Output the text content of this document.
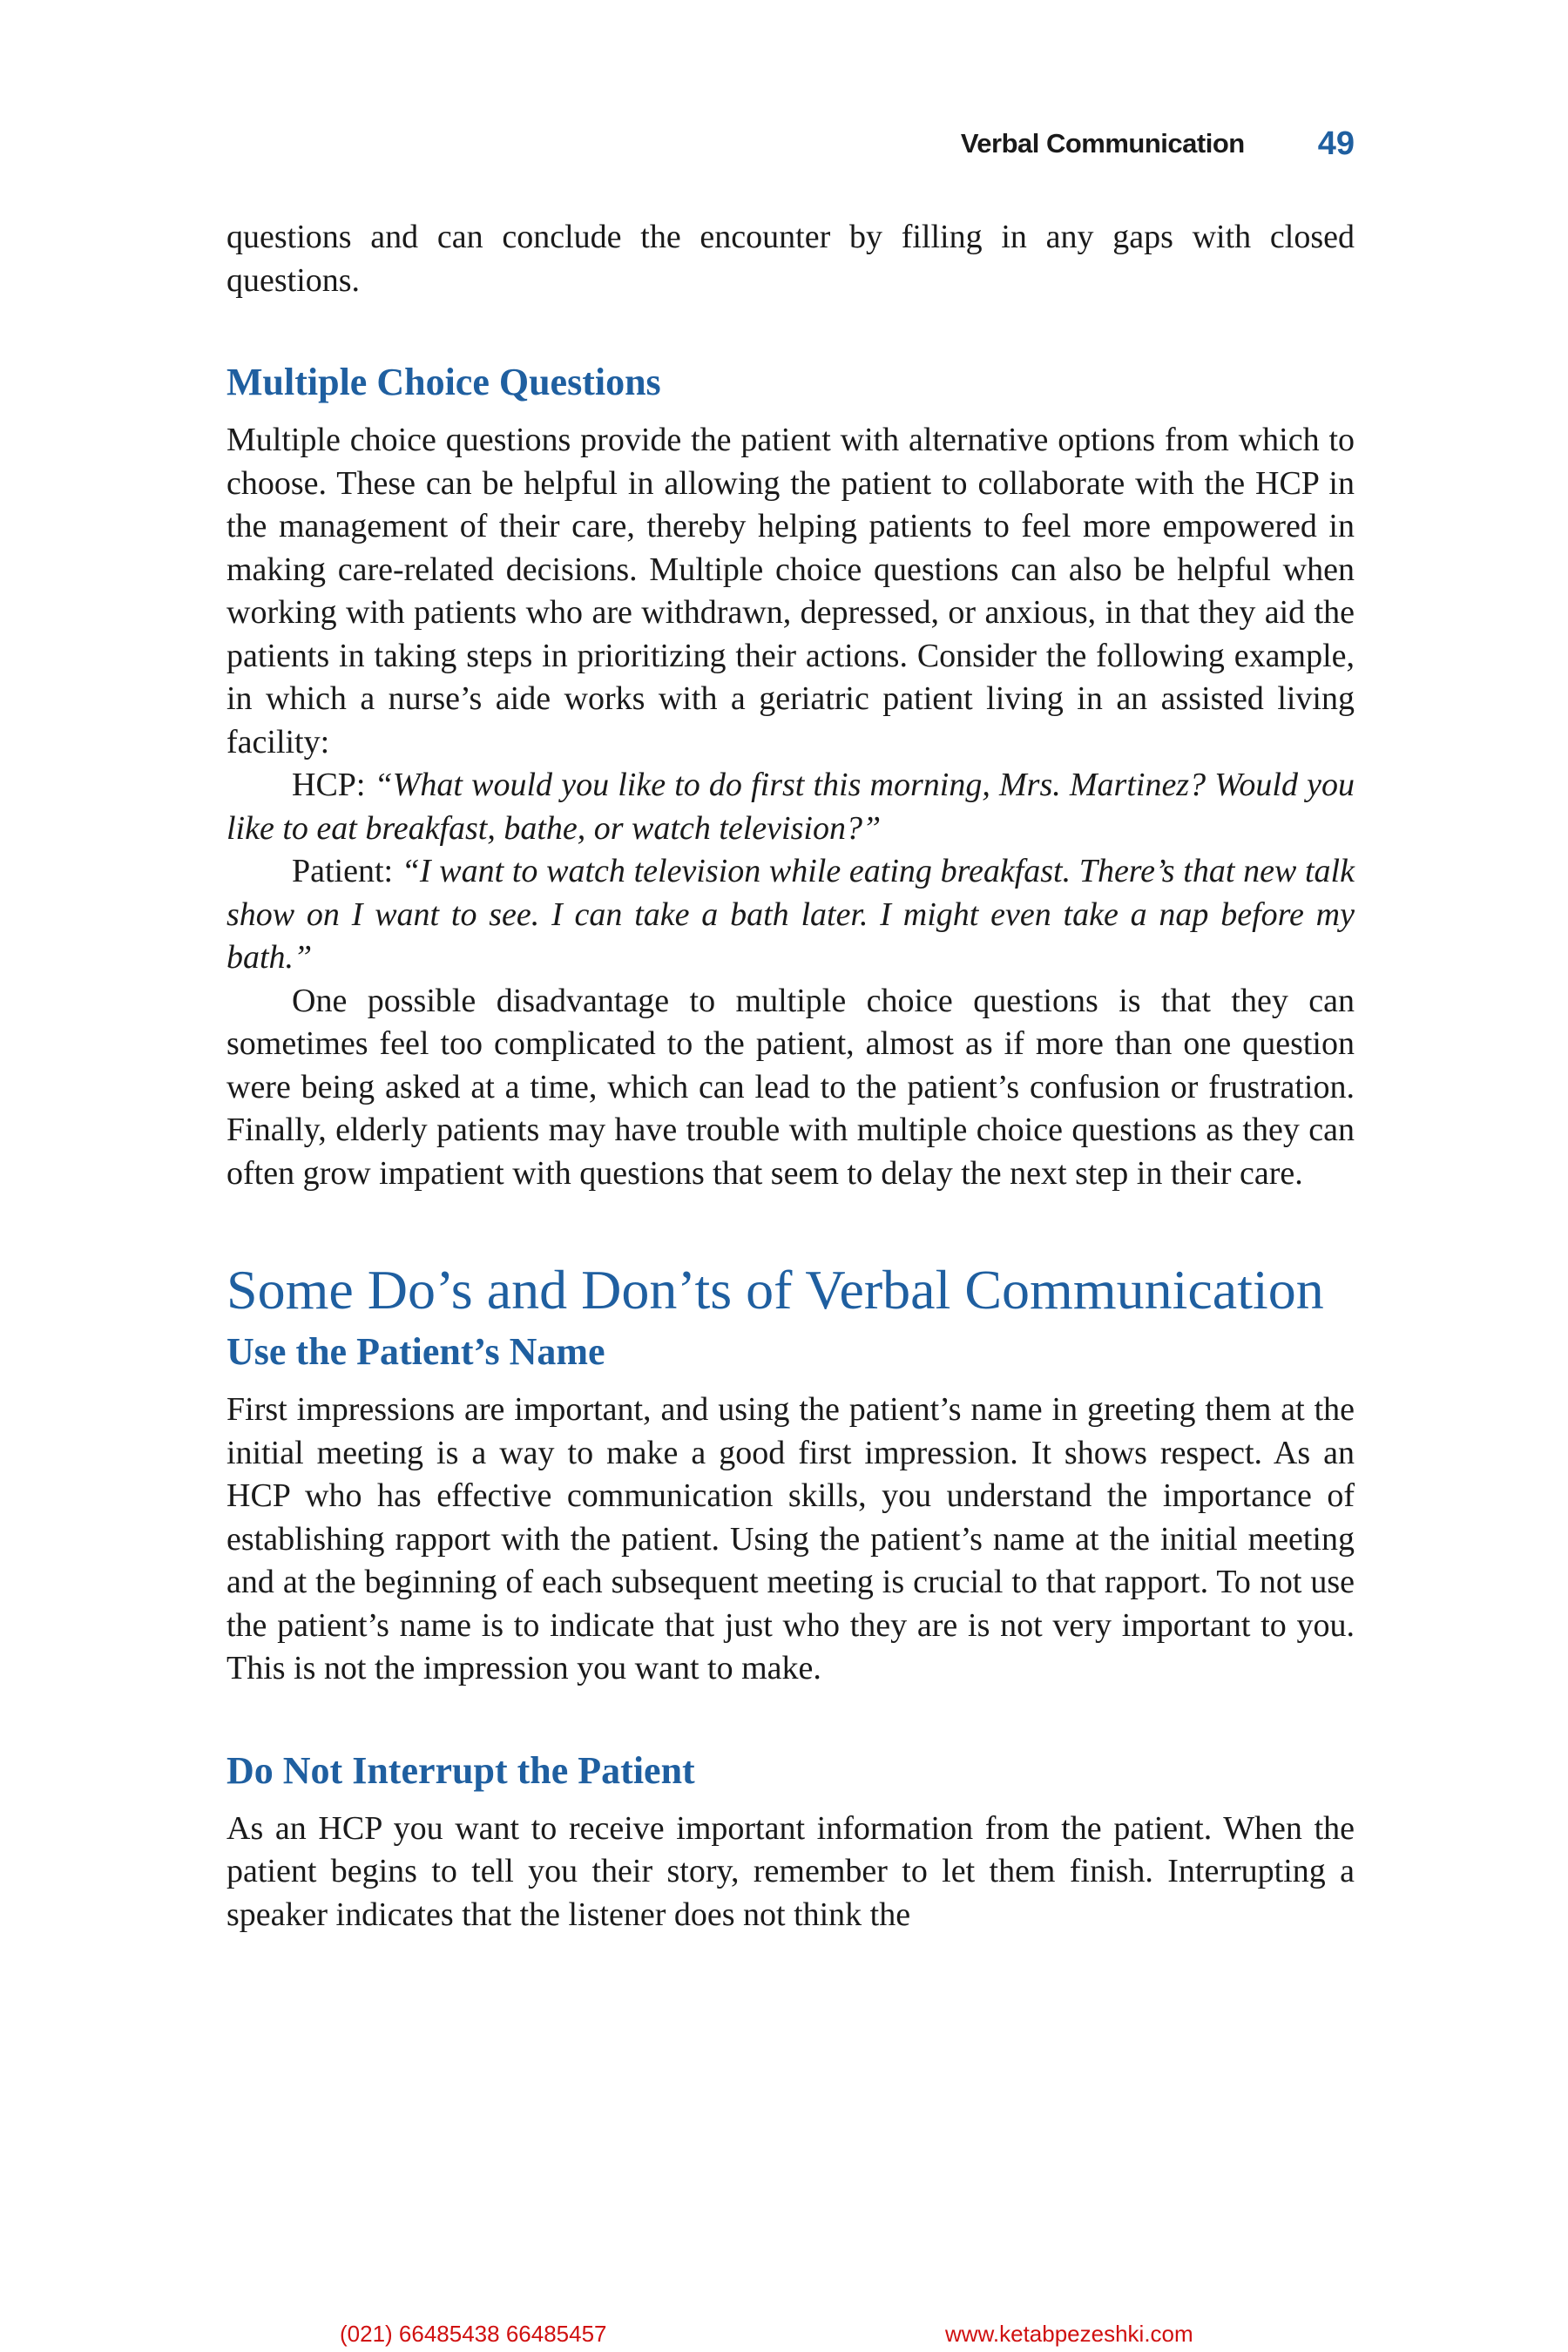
Verbal Communication 49

questions and can conclude the encounter by filling in any gaps with closed questions.

Multiple Choice Questions

Multiple choice questions provide the patient with alternative options from which to choose. These can be helpful in allowing the patient to collaborate with the HCP in the management of their care, thereby helping patients to feel more empowered in making care-related decisions. Multiple choice questions can also be helpful when working with patients who are withdrawn, depressed, or anxious, in that they aid the patients in taking steps in prioritizing their actions. Consider the following example, in which a nurse’s aide works with a geriatric patient living in an assisted living facility:

HCP: “What would you like to do first this morning, Mrs. Martinez? Would you like to eat breakfast, bathe, or watch television?”

Patient: “I want to watch television while eating breakfast. There’s that new talk show on I want to see. I can take a bath later. I might even take a nap before my bath.”

One possible disadvantage to multiple choice questions is that they can sometimes feel too complicated to the patient, almost as if more than one question were being asked at a time, which can lead to the patient’s confusion or frustration. Finally, elderly patients may have trouble with multiple choice questions as they can often grow impatient with questions that seem to delay the next step in their care.

Some Do’s and Don’ts of Verbal Communication
Use the Patient’s Name

First impressions are important, and using the patient’s name in greeting them at the initial meeting is a way to make a good first impression. It shows respect. As an HCP who has effective communication skills, you understand the importance of establishing rapport with the patient. Using the patient’s name at the initial meeting and at the beginning of each subsequent meeting is crucial to that rapport. To not use the patient’s name is to indicate that just who they are is not very important to you. This is not the impression you want to make.

Do Not Interrupt the Patient

As an HCP you want to receive important information from the patient. When the patient begins to tell you their story, remember to let them finish. Interrupting a speaker indicates that the listener does not think the

(021) 66485438 66485457	www.ketabpezeshki.com
